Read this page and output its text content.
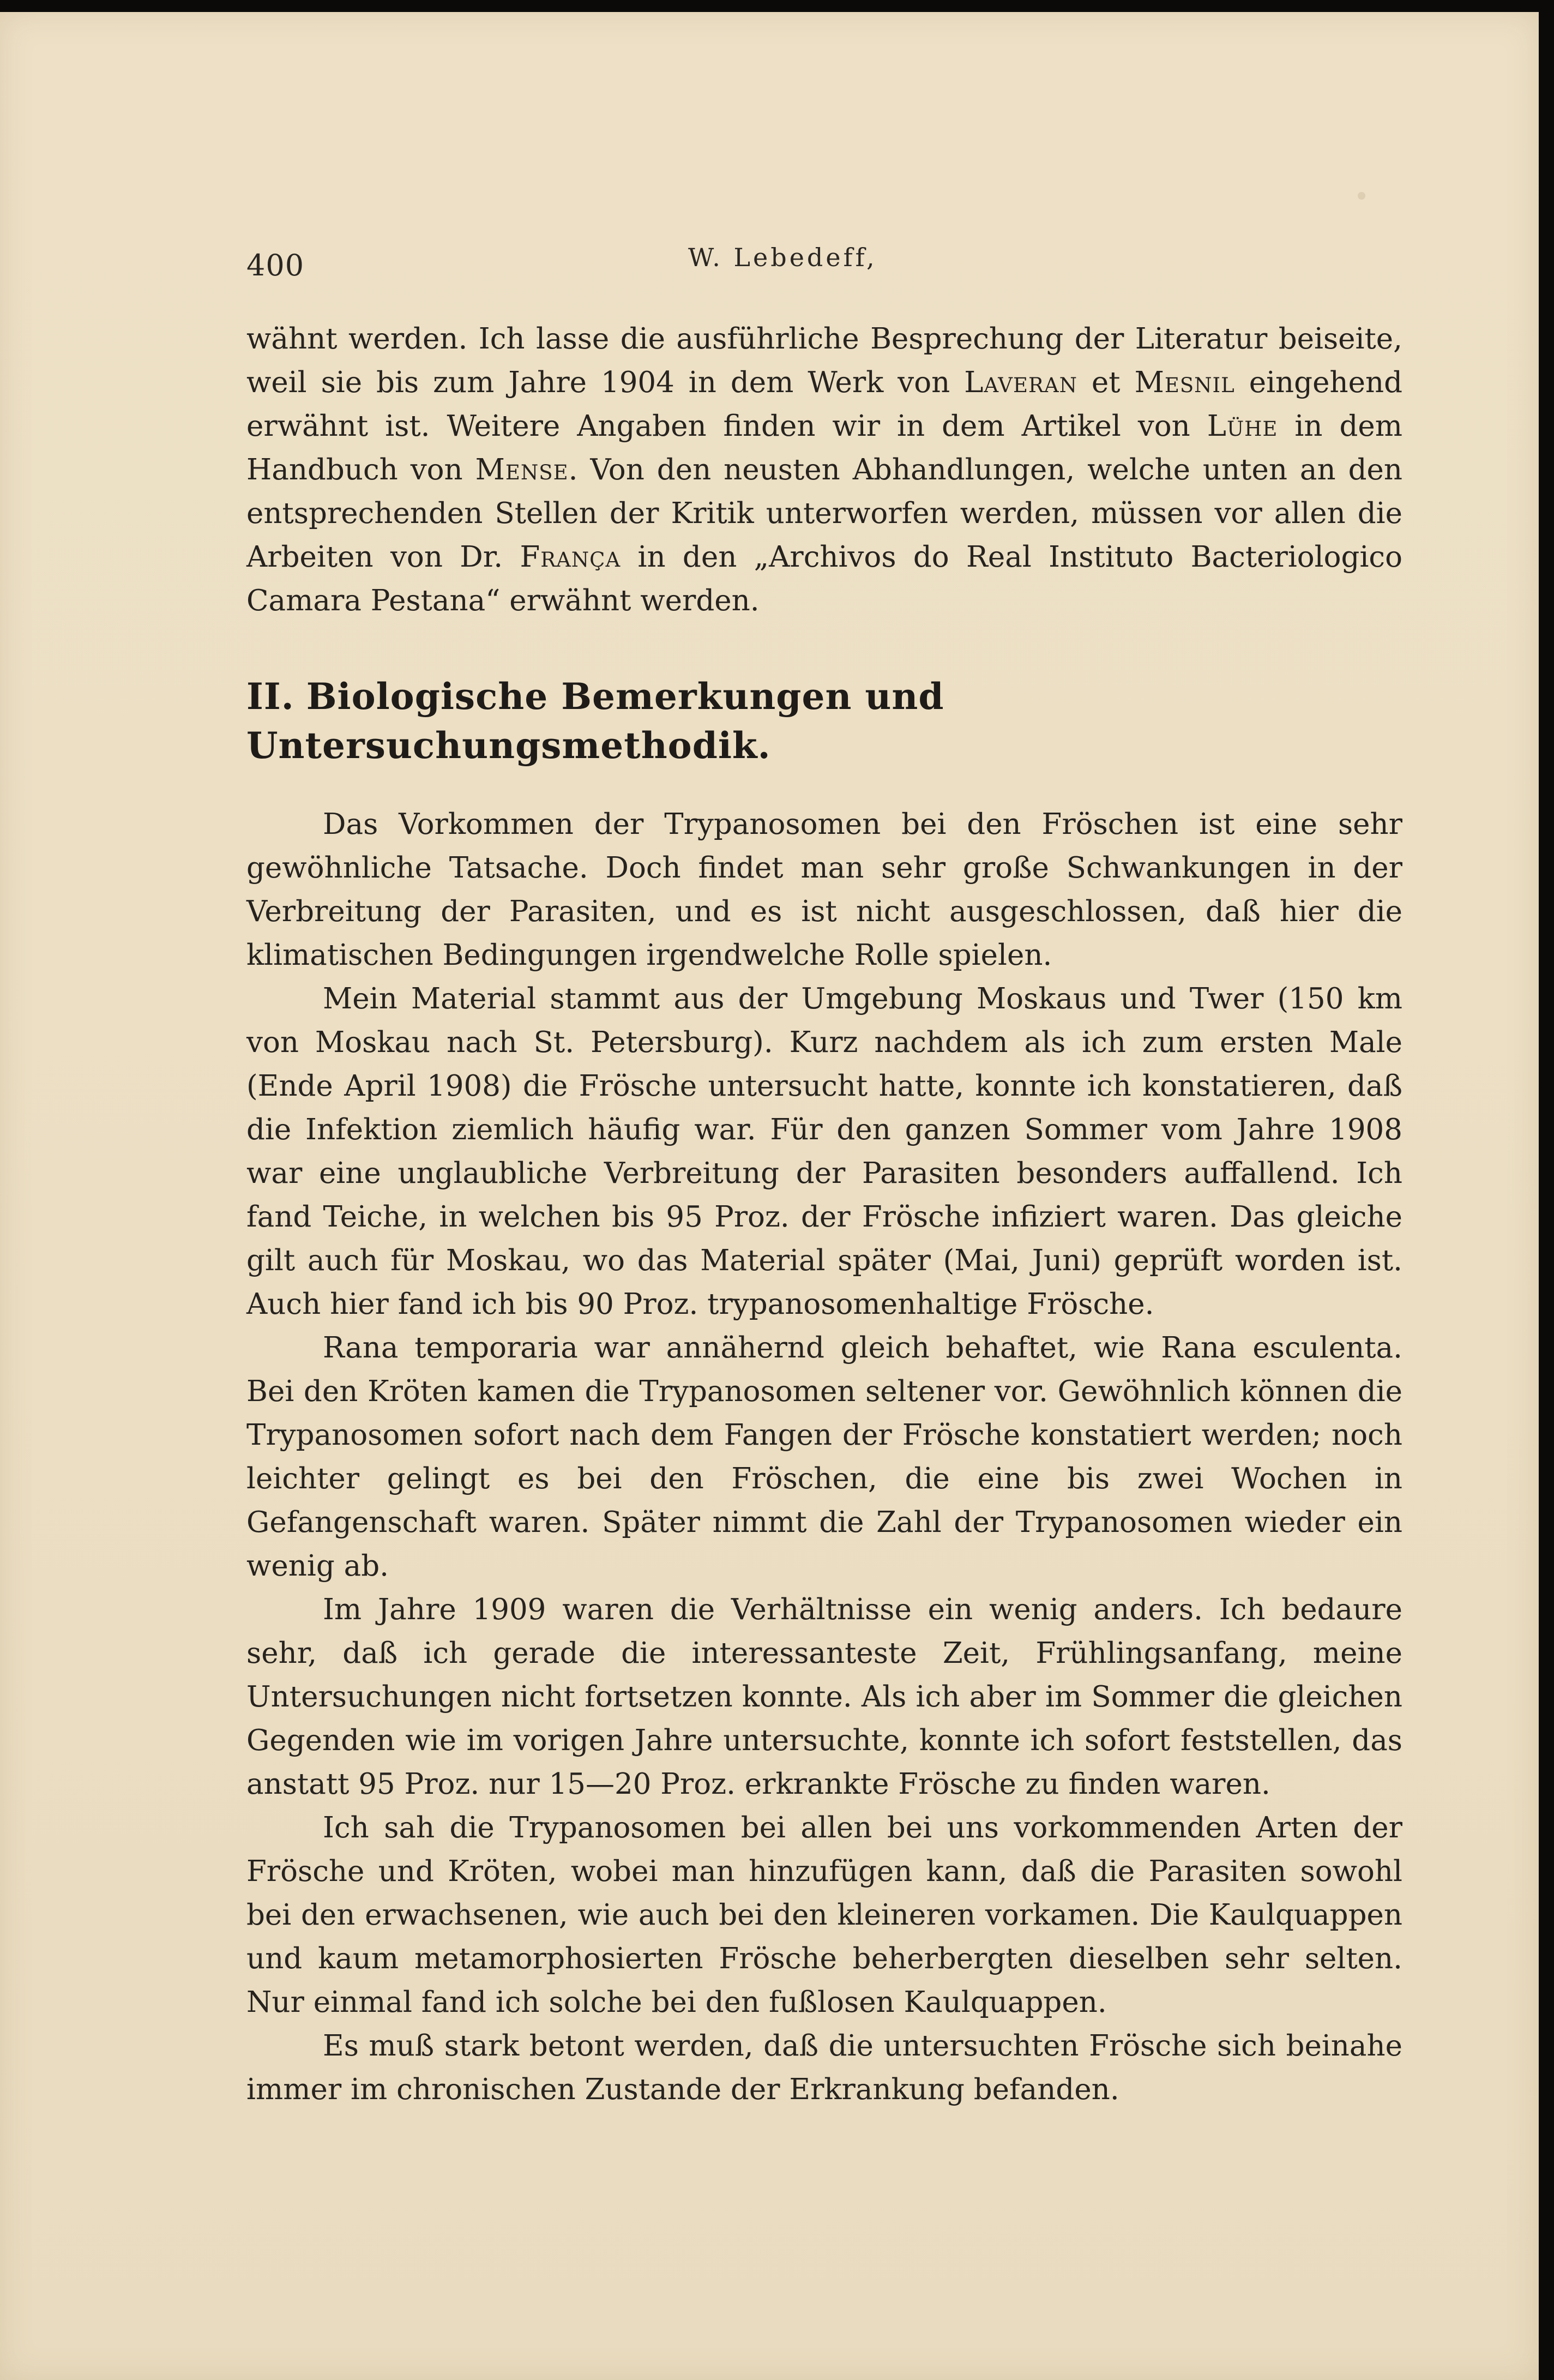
400	W. Lebedeff,

wähnt werden. Ich lasse die ausführliche Besprechung der Literatur beiseite, weil sie bis zum Jahre 1904 in dem Werk von Laveran et Mesnil eingehend erwähnt ist. Weitere Angaben finden wir in dem Artikel von Lühe in dem Handbuch von Mense. Von den neusten Abhandlungen, welche unten an den entsprechenden Stellen der Kritik unterworfen werden, müssen vor allen die Arbeiten von Dr. França in den „Archivos do Real Instituto Bacteriologico Camara Pestana“ erwähnt werden.

II. Biologische Bemerkungen und Untersuchungsmethodik.

Das Vorkommen der Trypanosomen bei den Fröschen ist eine sehr gewöhnliche Tatsache. Doch findet man sehr große Schwankungen in der Verbreitung der Parasiten, und es ist nicht ausgeschlossen, daß hier die klimatischen Bedingungen irgendwelche Rolle spielen.

Mein Material stammt aus der Umgebung Moskaus und Twer (150 km von Moskau nach St. Petersburg). Kurz nachdem als ich zum ersten Male (Ende April 1908) die Frösche untersucht hatte, konnte ich konstatieren, daß die Infektion ziemlich häufig war. Für den ganzen Sommer vom Jahre 1908 war eine unglaubliche Verbreitung der Parasiten besonders auffallend. Ich fand Teiche, in welchen bis 95 Proz. der Frösche infiziert waren. Das gleiche gilt auch für Moskau, wo das Material später (Mai, Juni) geprüft worden ist. Auch hier fand ich bis 90 Proz. trypanosomenhaltige Frösche.

Rana temporaria war annähernd gleich behaftet, wie Rana esculenta. Bei den Kröten kamen die Trypanosomen seltener vor. Gewöhnlich können die Trypanosomen sofort nach dem Fangen der Frösche konstatiert werden; noch leichter gelingt es bei den Fröschen, die eine bis zwei Wochen in Gefangenschaft waren. Später nimmt die Zahl der Trypanosomen wieder ein wenig ab.

Im Jahre 1909 waren die Verhältnisse ein wenig anders. Ich bedaure sehr, daß ich gerade die interessanteste Zeit, Frühlingsanfang, meine Untersuchungen nicht fortsetzen konnte. Als ich aber im Sommer die gleichen Gegenden wie im vorigen Jahre untersuchte, konnte ich sofort feststellen, das anstatt 95 Proz. nur 15—20 Proz. erkrankte Frösche zu finden waren.

Ich sah die Trypanosomen bei allen bei uns vorkommenden Arten der Frösche und Kröten, wobei man hinzufügen kann, daß die Parasiten sowohl bei den erwachsenen, wie auch bei den kleineren vorkamen. Die Kaulquappen und kaum metamorphosierten Frösche beherbergten dieselben sehr selten. Nur einmal fand ich solche bei den fußlosen Kaulquappen.

Es muß stark betont werden, daß die untersuchten Frösche sich beinahe immer im chronischen Zustande der Erkrankung befanden.
